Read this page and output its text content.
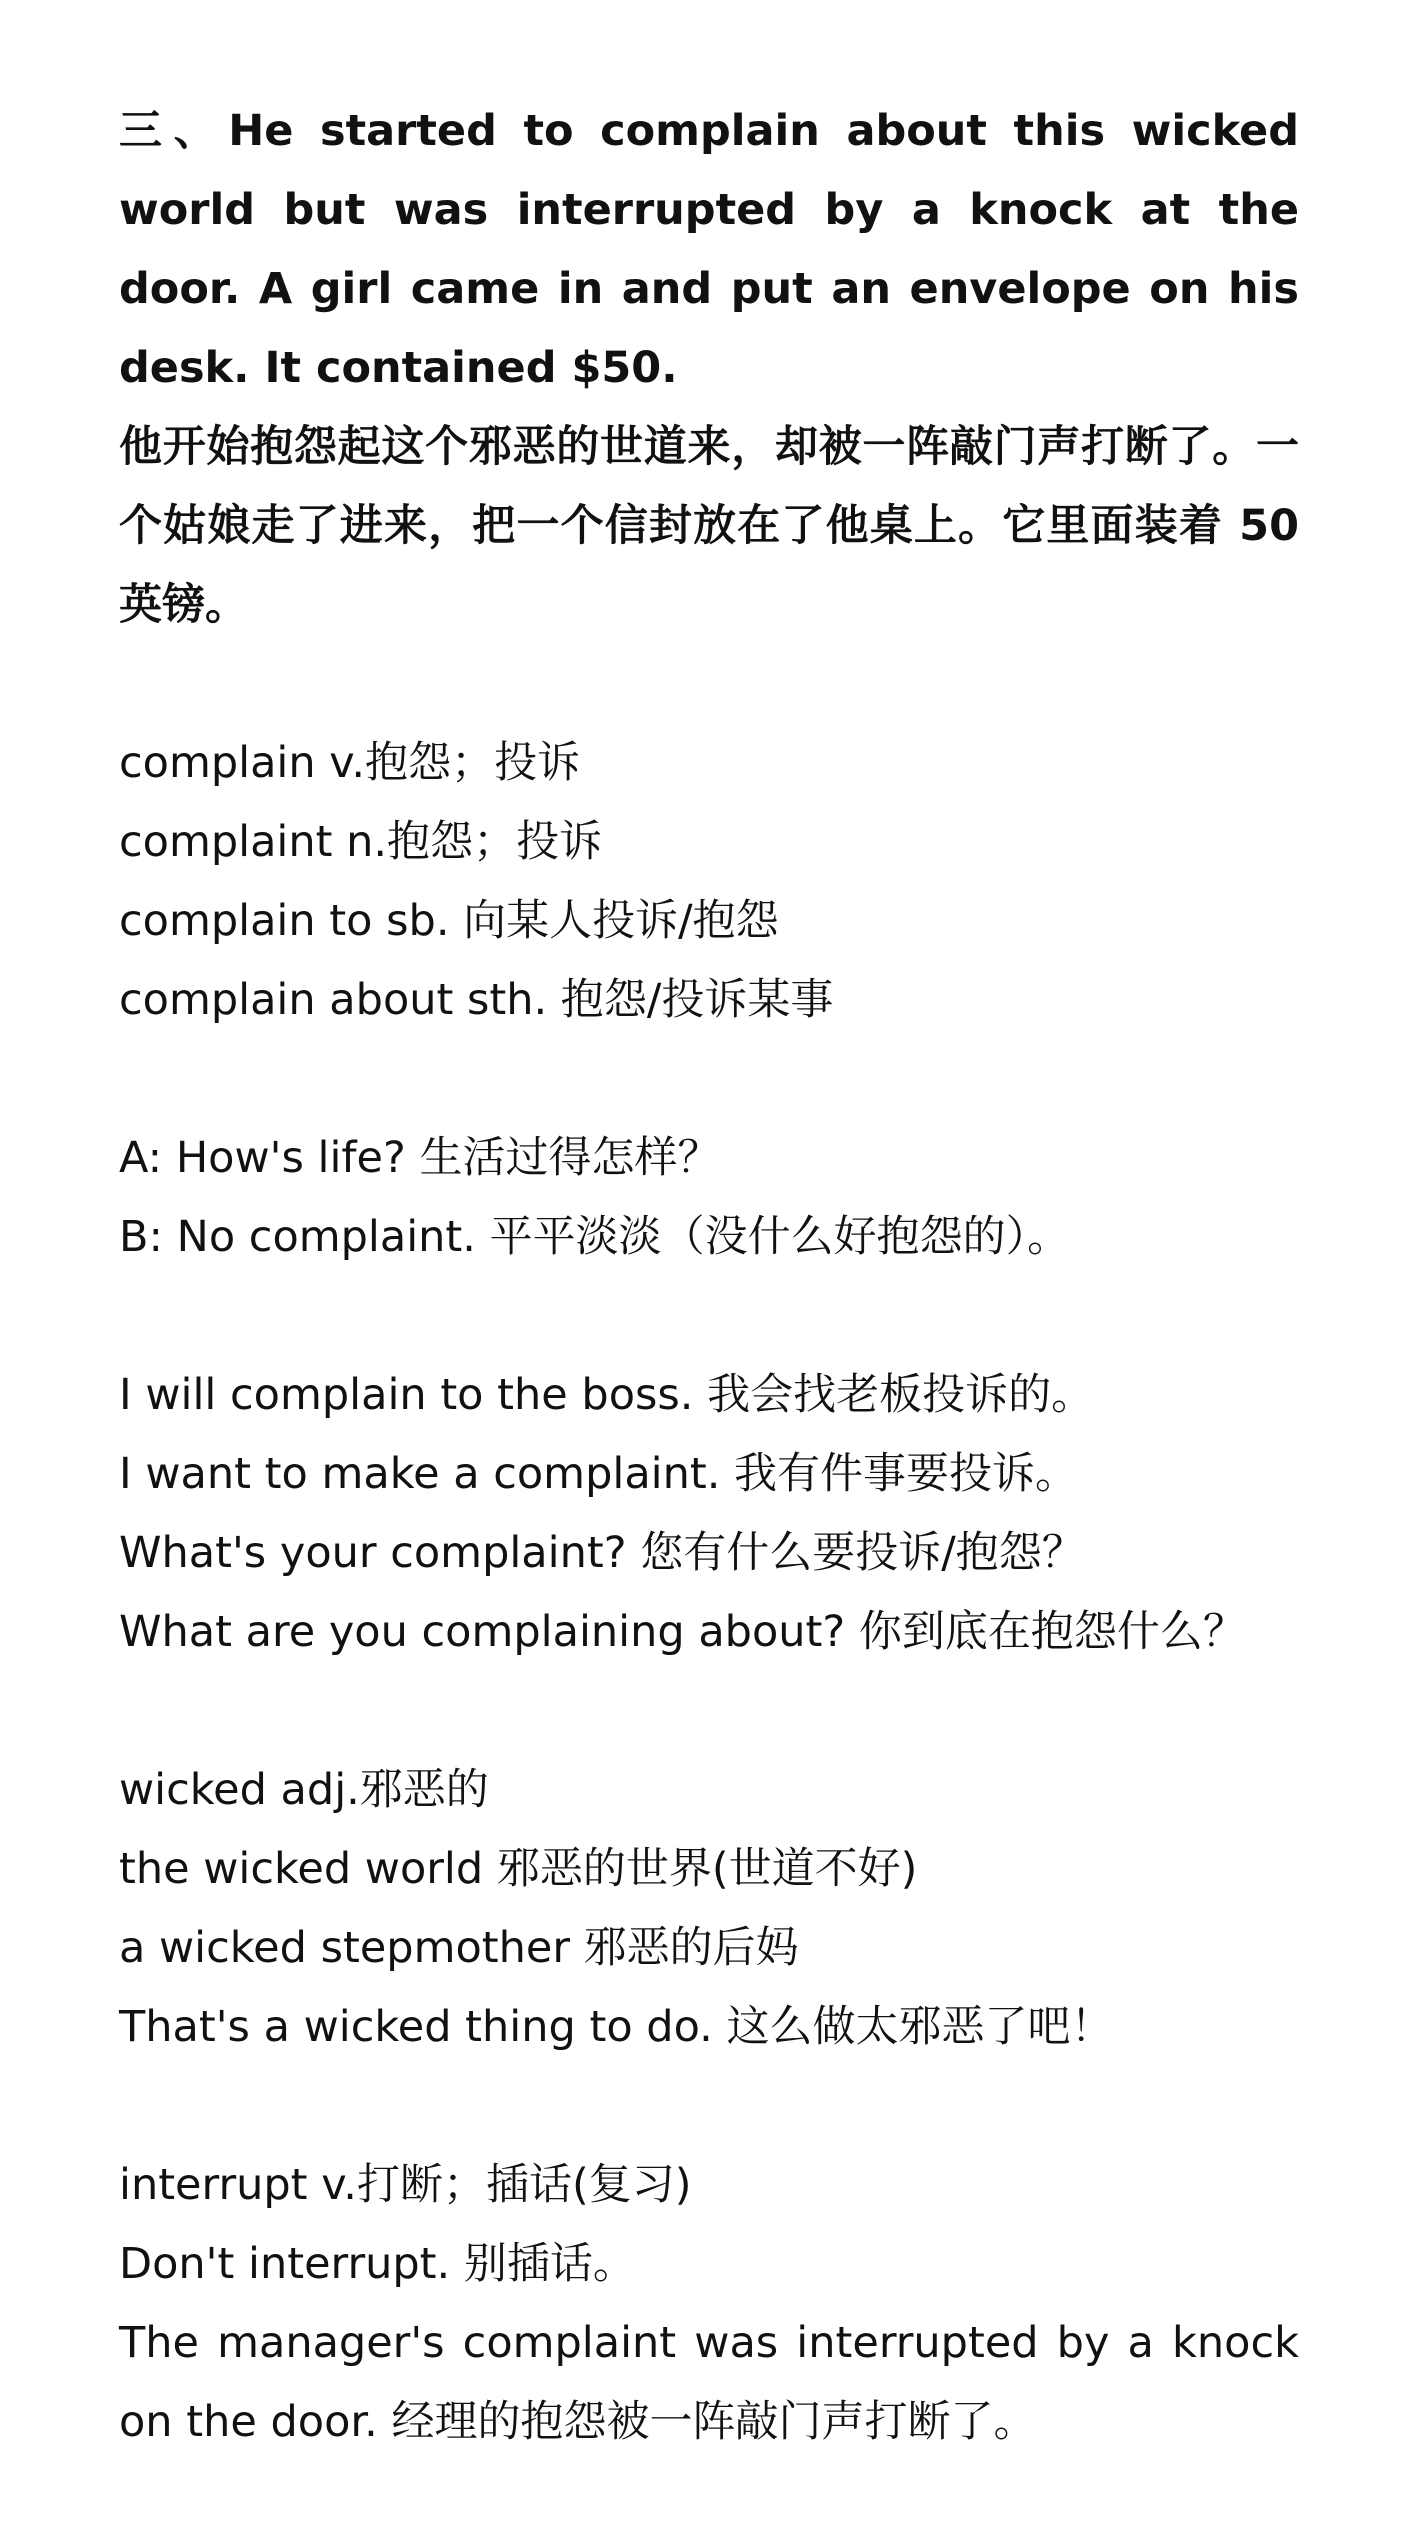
三、He started to complain about this wicked world but was interrupted by a knock at the door. A girl came in and put an envelope on his desk. It contained $50.

他开始抱怨起这个邪恶的世道来，却被一阵敲门声打断了。一个姑娘走了进来，把一个信封放在了他桌上。它里面装着 50 英镑。

complain v.抱怨；投诉

complaint n.抱怨；投诉

complain to sb. 向某人投诉/抱怨

complain about sth. 抱怨/投诉某事

A: How's life? 生活过得怎样？

B: No complaint. 平平淡淡（没什么好抱怨的）。

I will complain to the boss. 我会找老板投诉的。

I want to make a complaint. 我有件事要投诉。

What's your complaint? 您有什么要投诉/抱怨？

What are you complaining about? 你到底在抱怨什么？

wicked adj.邪恶的

the wicked world 邪恶的世界(世道不好)

a wicked stepmother 邪恶的后妈

That's a wicked thing to do. 这么做太邪恶了吧！

interrupt v.打断；插话(复习)

Don't interrupt. 别插话。

The manager's complaint was interrupted by a knock on the door. 经理的抱怨被一阵敲门声打断了。
